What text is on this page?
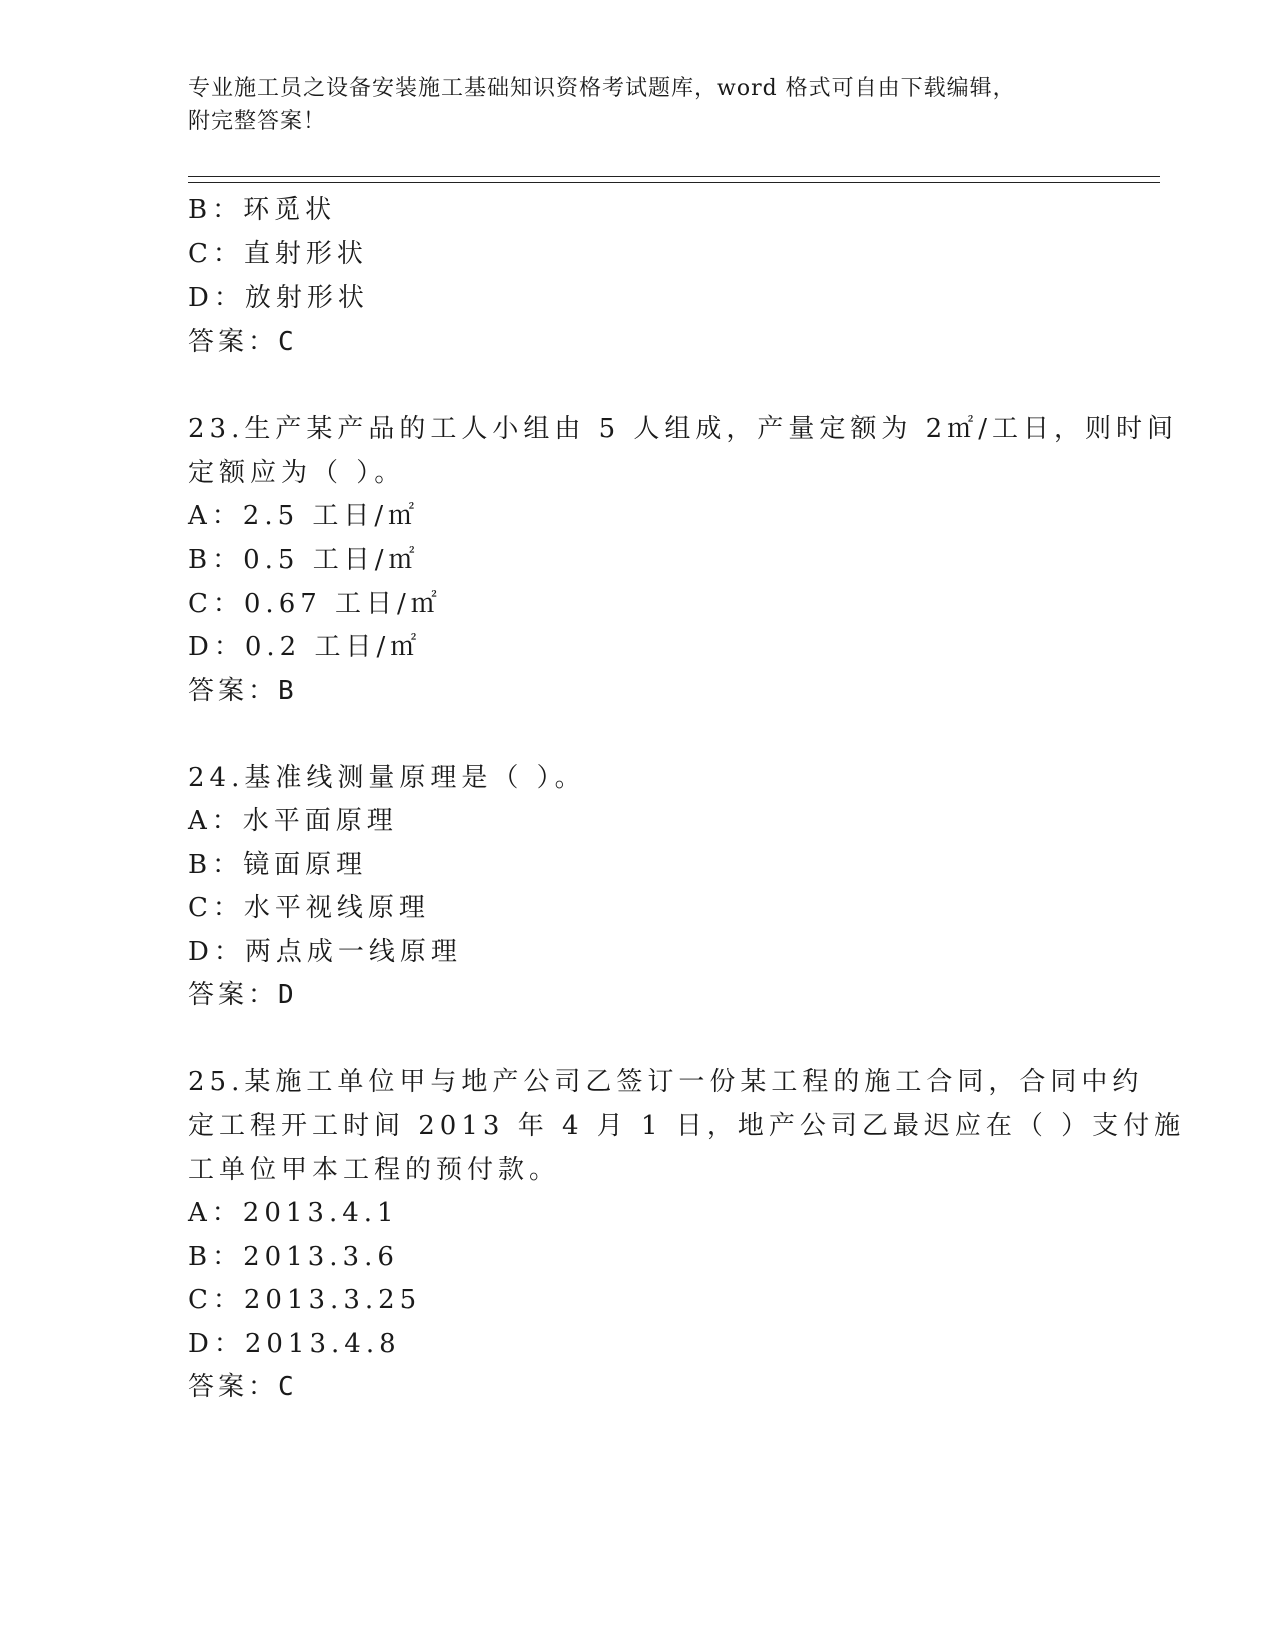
专业施工员之设备安装施工基础知识资格考试题库，word 格式可自由下载编辑，
附完整答案！
B：环觅状
C：直射形状
D：放射形状
答案：C
23.生产某产品的工人小组由 5 人组成，产量定额为 2㎡/工日，则时间
定额应为（ ）。
A：2.5 工日/㎡
B：0.5 工日/㎡
C：0.67 工日/㎡
D：0.2 工日/㎡
答案：B
24.基准线测量原理是（ ）。
A：水平面原理
B：镜面原理
C：水平视线原理
D：两点成一线原理
答案：D
25.某施工单位甲与地产公司乙签订一份某工程的施工合同，合同中约
定工程开工时间 2013 年 4 月 1 日，地产公司乙最迟应在（ ）支付施
工单位甲本工程的预付款。
A：2013.4.1
B：2013.3.6
C：2013.3.25
D：2013.4.8
答案：C
